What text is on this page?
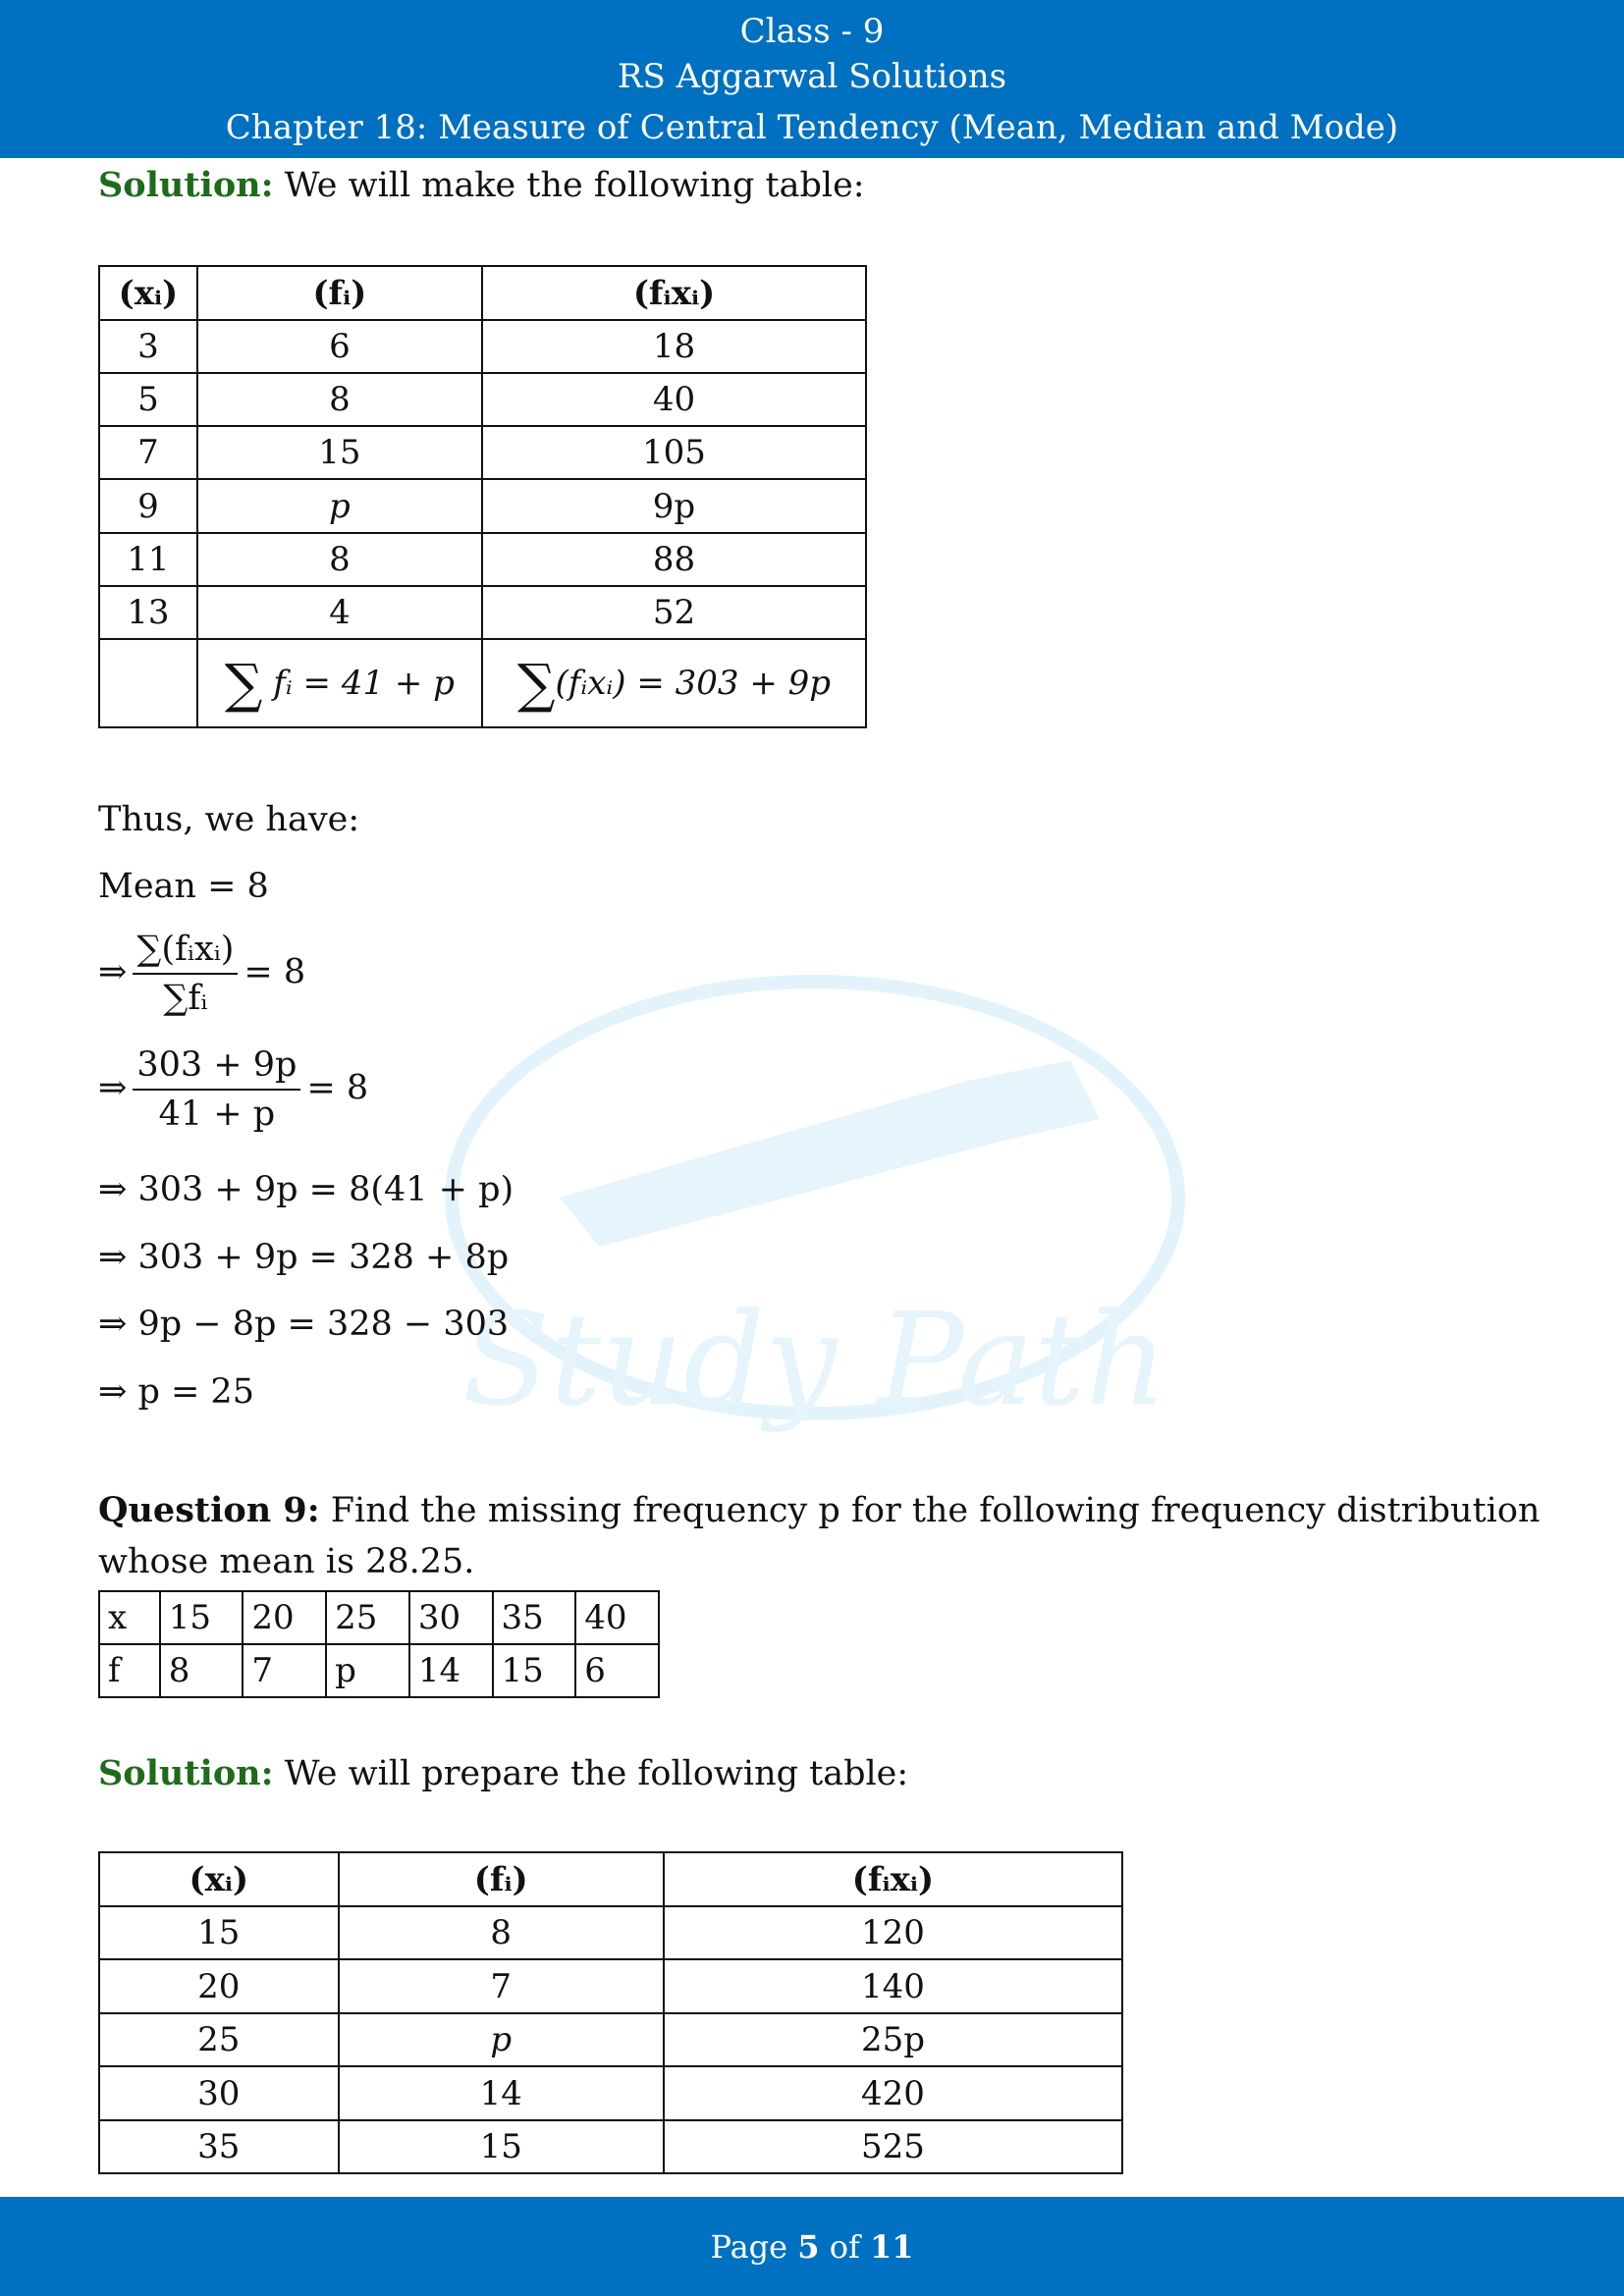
Class - 9
RS Aggarwal Solutions
Chapter 18: Measure of Central Tendency (Mean, Median and Mode)
Study Path
Solution: We will make the following table:
(xᵢ)	(fᵢ)	(fᵢxᵢ)
3	6	18
5	8	40
7	15	105
9	p	9p
11	8	88
13	4	52
	∑ fᵢ = 41 + p	∑(fᵢxᵢ) = 303 + 9p
Thus, we have:
Mean = 8
⇒ $\frac{\text{∑(fᵢxᵢ)}}{\text{∑fᵢ}} = 8$
⇒ $\frac{303 + 9p}{41 + p} = 8$
⇒ 303 + 9p = 8(41 + p)
⇒ 303 + 9p = 328 + 8p
⇒ 9p − 8p = 328 − 303
⇒ p = 25
Question 9: Find the missing frequency p for the following frequency distribution
whose mean is 28.25.
x	15	20	25	30	35	40
f	8	7	p	14	15	6
Solution: We will prepare the following table:
(xᵢ)	(fᵢ)	(fᵢxᵢ)
15	8	120
20	7	140
25	p	25p
30	14	420
35	15	525
Page
5
of
11
